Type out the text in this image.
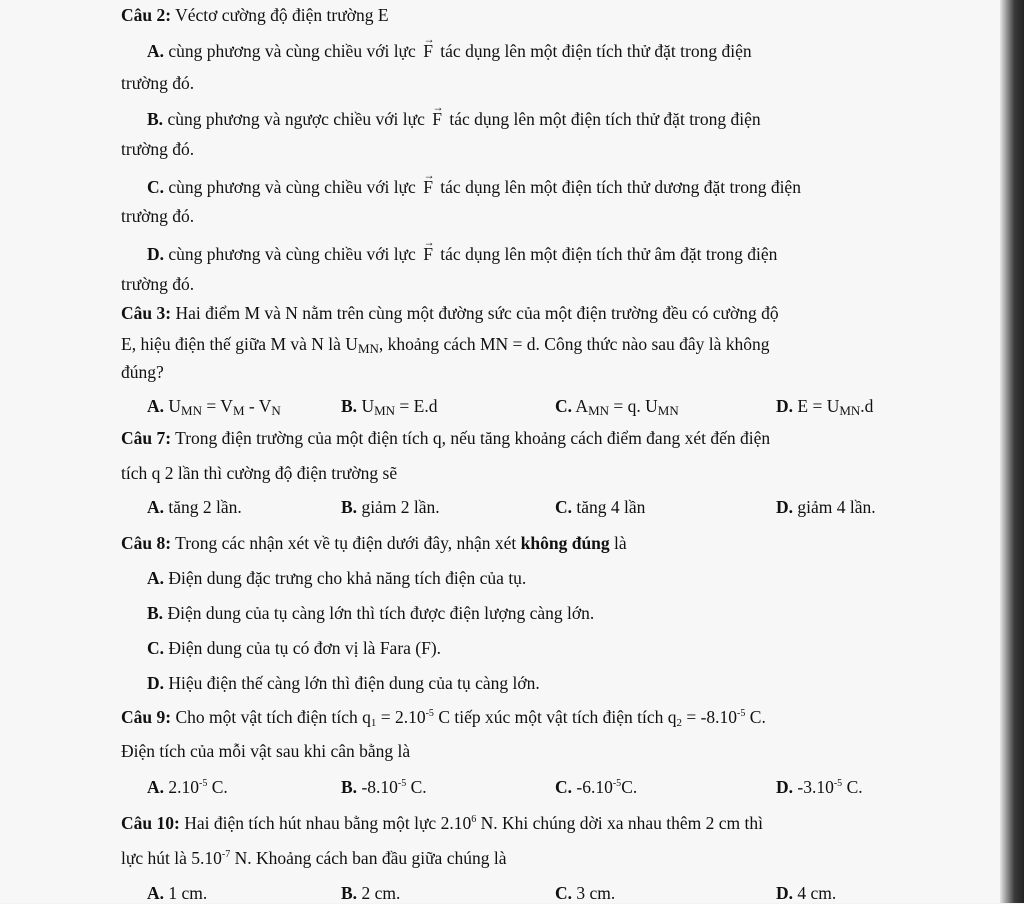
Câu 2: Véctơ cường độ điện trường E
A. cùng phương và cùng chiều với lực → F tác dụng lên một điện tích thử đặt trong điện
trường đó.
B. cùng phương và ngược chiều với lực → F tác dụng lên một điện tích thử đặt trong điện
trường đó.
C. cùng phương và cùng chiều với lực → F tác dụng lên một điện tích thử dương đặt trong điện
trường đó.
D. cùng phương và cùng chiều với lực → F tác dụng lên một điện tích thử âm đặt trong điện
trường đó.
Câu 3: Hai điểm M và N nằm trên cùng một đường sức của một điện trường đều có cường độ
E, hiệu điện thế giữa M và N là $U_{MN}$, khoảng cách MN = d. Công thức nào sau đây là không
đúng?
A. $U_{MN} = V_M - V_N$	B. $U_{MN} = E.d$	C. $A_{MN} = q$. $U_{MN}$	D. $E = U_{MN}.d$
Câu 7: Trong điện trường của một điện tích q, nếu tăng khoảng cách điểm đang xét đến điện
tích q 2 lần thì cường độ điện trường sẽ
A. tăng 2 lần.	B. giảm 2 lần.	C. tăng 4 lần	D. giảm 4 lần.
Câu 8: Trong các nhận xét về tụ điện dưới đây, nhận xét không đúng là
A. Điện dung đặc trưng cho khả năng tích điện của tụ.
B. Điện dung của tụ càng lớn thì tích được điện lượng càng lớn.
C. Điện dung của tụ có đơn vị là Fara (F).
D. Hiệu điện thế càng lớn thì điện dung của tụ càng lớn.
Câu 9: Cho một vật tích điện tích $q_1 = 2.10^{-5}$ C tiếp xúc một vật tích điện tích $q_2 = -8.10^{-5}$ C.
Điện tích của mỗi vật sau khi cân bằng là
A. $2.10^{-5}$ C.	B. $-8.10^{-5}$ C.	C. $-6.10^{-5}C$.	D. $-3.10^{-5}$ C.
Câu 10: Hai điện tích hút nhau bằng một lực 2.10$^6$ N. Khi chúng dời xa nhau thêm 2 cm thì
lực hút là $5.10^{-7}$ N. Khoảng cách ban đầu giữa chúng là
A. 1 cm.	B. 2 cm.	C. 3 cm.	D. 4 cm.
